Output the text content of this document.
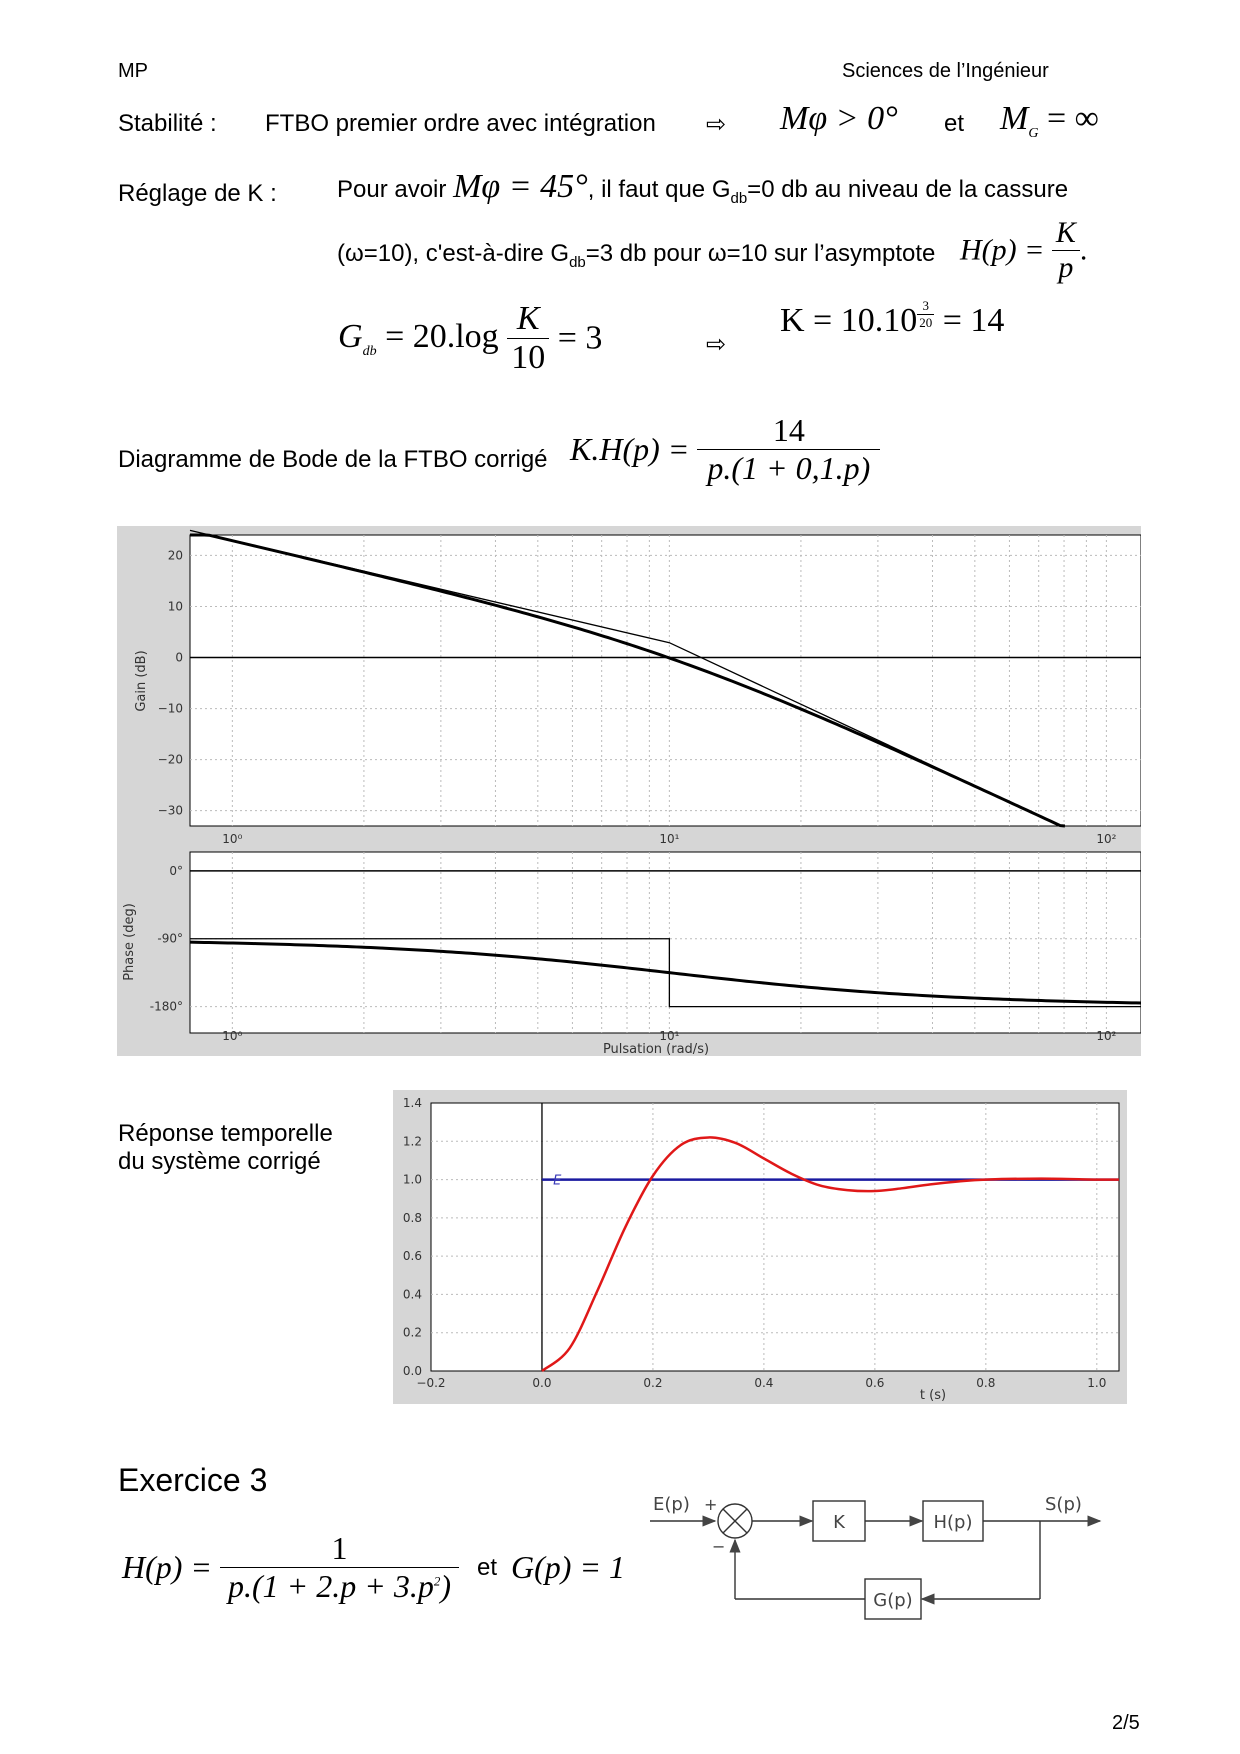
MP	Sciences de l’Ingénieur
Stabilité : FTBO premier ordre avec intégration ⇨ Mφ > 0° et $M_G$ = ∞
Réglage de K :	Pour avoir Mφ = 45°, il faut que $G_{db}=0$ db au niveau de la cassure
(ω=10), c'est-à-dire $G_{db}=3$ db pour ω=10 sur l’asymptote $H(p) = \frac{K}{p}$ .
$G_{db} = 20.\log \frac{K}{10} = 3$	⇨
$K = 10.10 \frac{3}{20} = 14$
Diagramme de Bode de la FTBO corrigé $K.H(p) = \frac{14}{p.(1 + 0,1.p)}$
20
10
0
−10
−20
−30
0°
-90°
-180°
10⁰
10⁰
10¹
10¹
10²
10²
Gain (dB)
Phase (deg)
Pulsation (rad/s)
Réponse temporelle
du système corrigé
1.4
1.2
1.0
0.8
0.6
0.4
0.2
0.0
−0.2	0.0	0.2	0.4	0.6	0.8	1.0
E
t (s)
Exercice 3
$H(p) = \frac{1}{p.(1 + 2.p + 3.p^2)}$ et G(p) = 1
E(p)	S(p)
+
−
K	H(p)
G(p)
2/5
